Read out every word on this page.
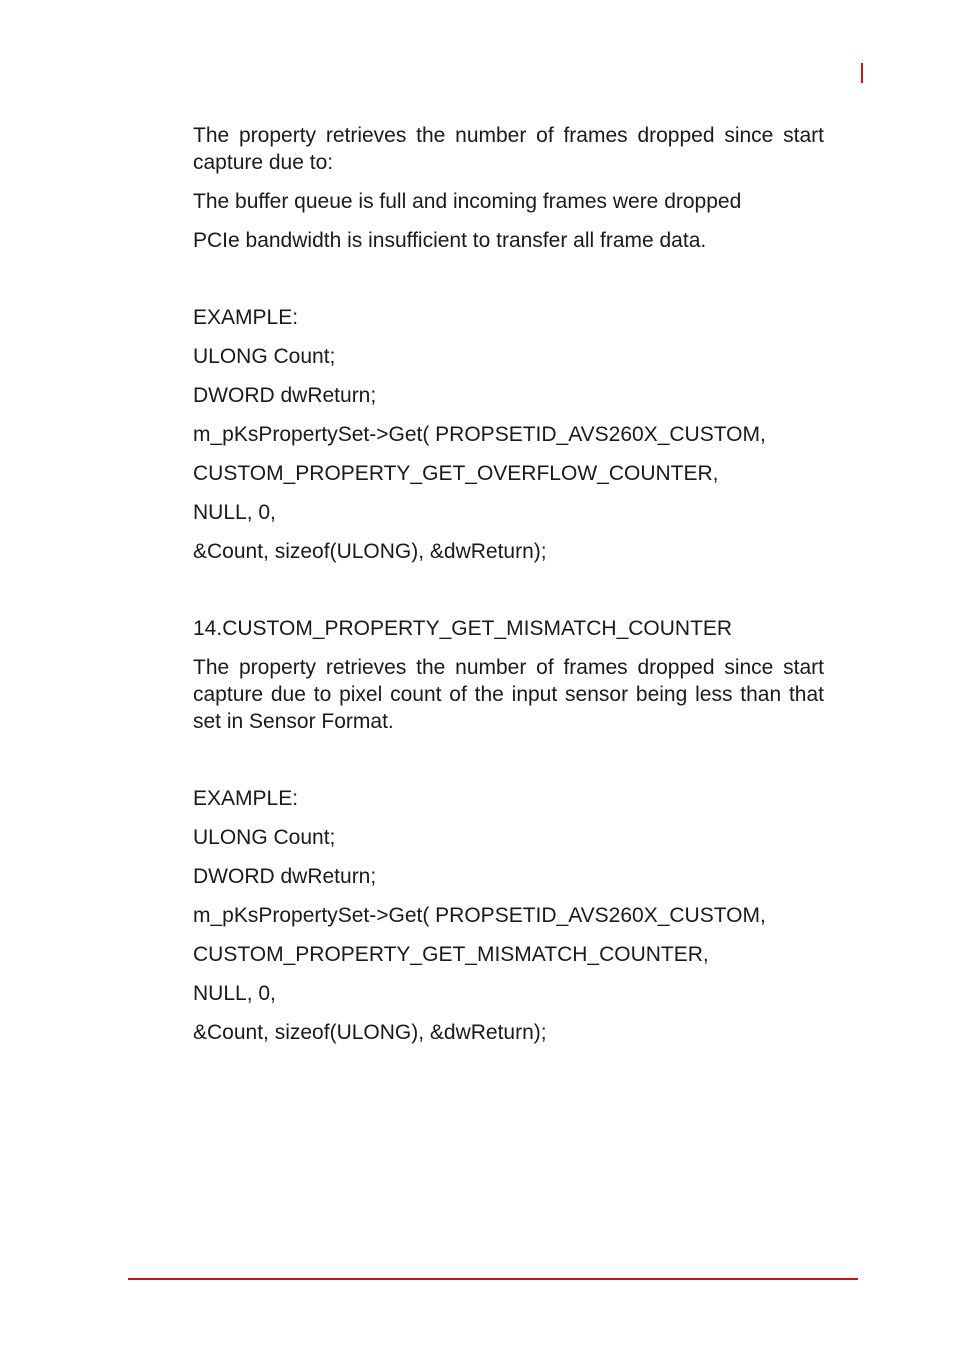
The property retrieves the number of frames dropped since start capture due to:

The buffer queue is full and incoming frames were dropped

PCIe bandwidth is insufficient to transfer all frame data.

EXAMPLE:

ULONG Count;

DWORD dwReturn;

m_pKsPropertySet->Get( PROPSETID_AVS260X_CUSTOM,

CUSTOM_PROPERTY_GET_OVERFLOW_COUNTER,

NULL, 0,

&Count, sizeof(ULONG), &dwReturn);

14.CUSTOM_PROPERTY_GET_MISMATCH_COUNTER

The property retrieves the number of frames dropped since start capture due to pixel count of the input sensor being less than that set in Sensor Format.

EXAMPLE:

ULONG Count;

DWORD dwReturn;

m_pKsPropertySet->Get( PROPSETID_AVS260X_CUSTOM,

CUSTOM_PROPERTY_GET_MISMATCH_COUNTER,

NULL, 0,

&Count, sizeof(ULONG), &dwReturn);
